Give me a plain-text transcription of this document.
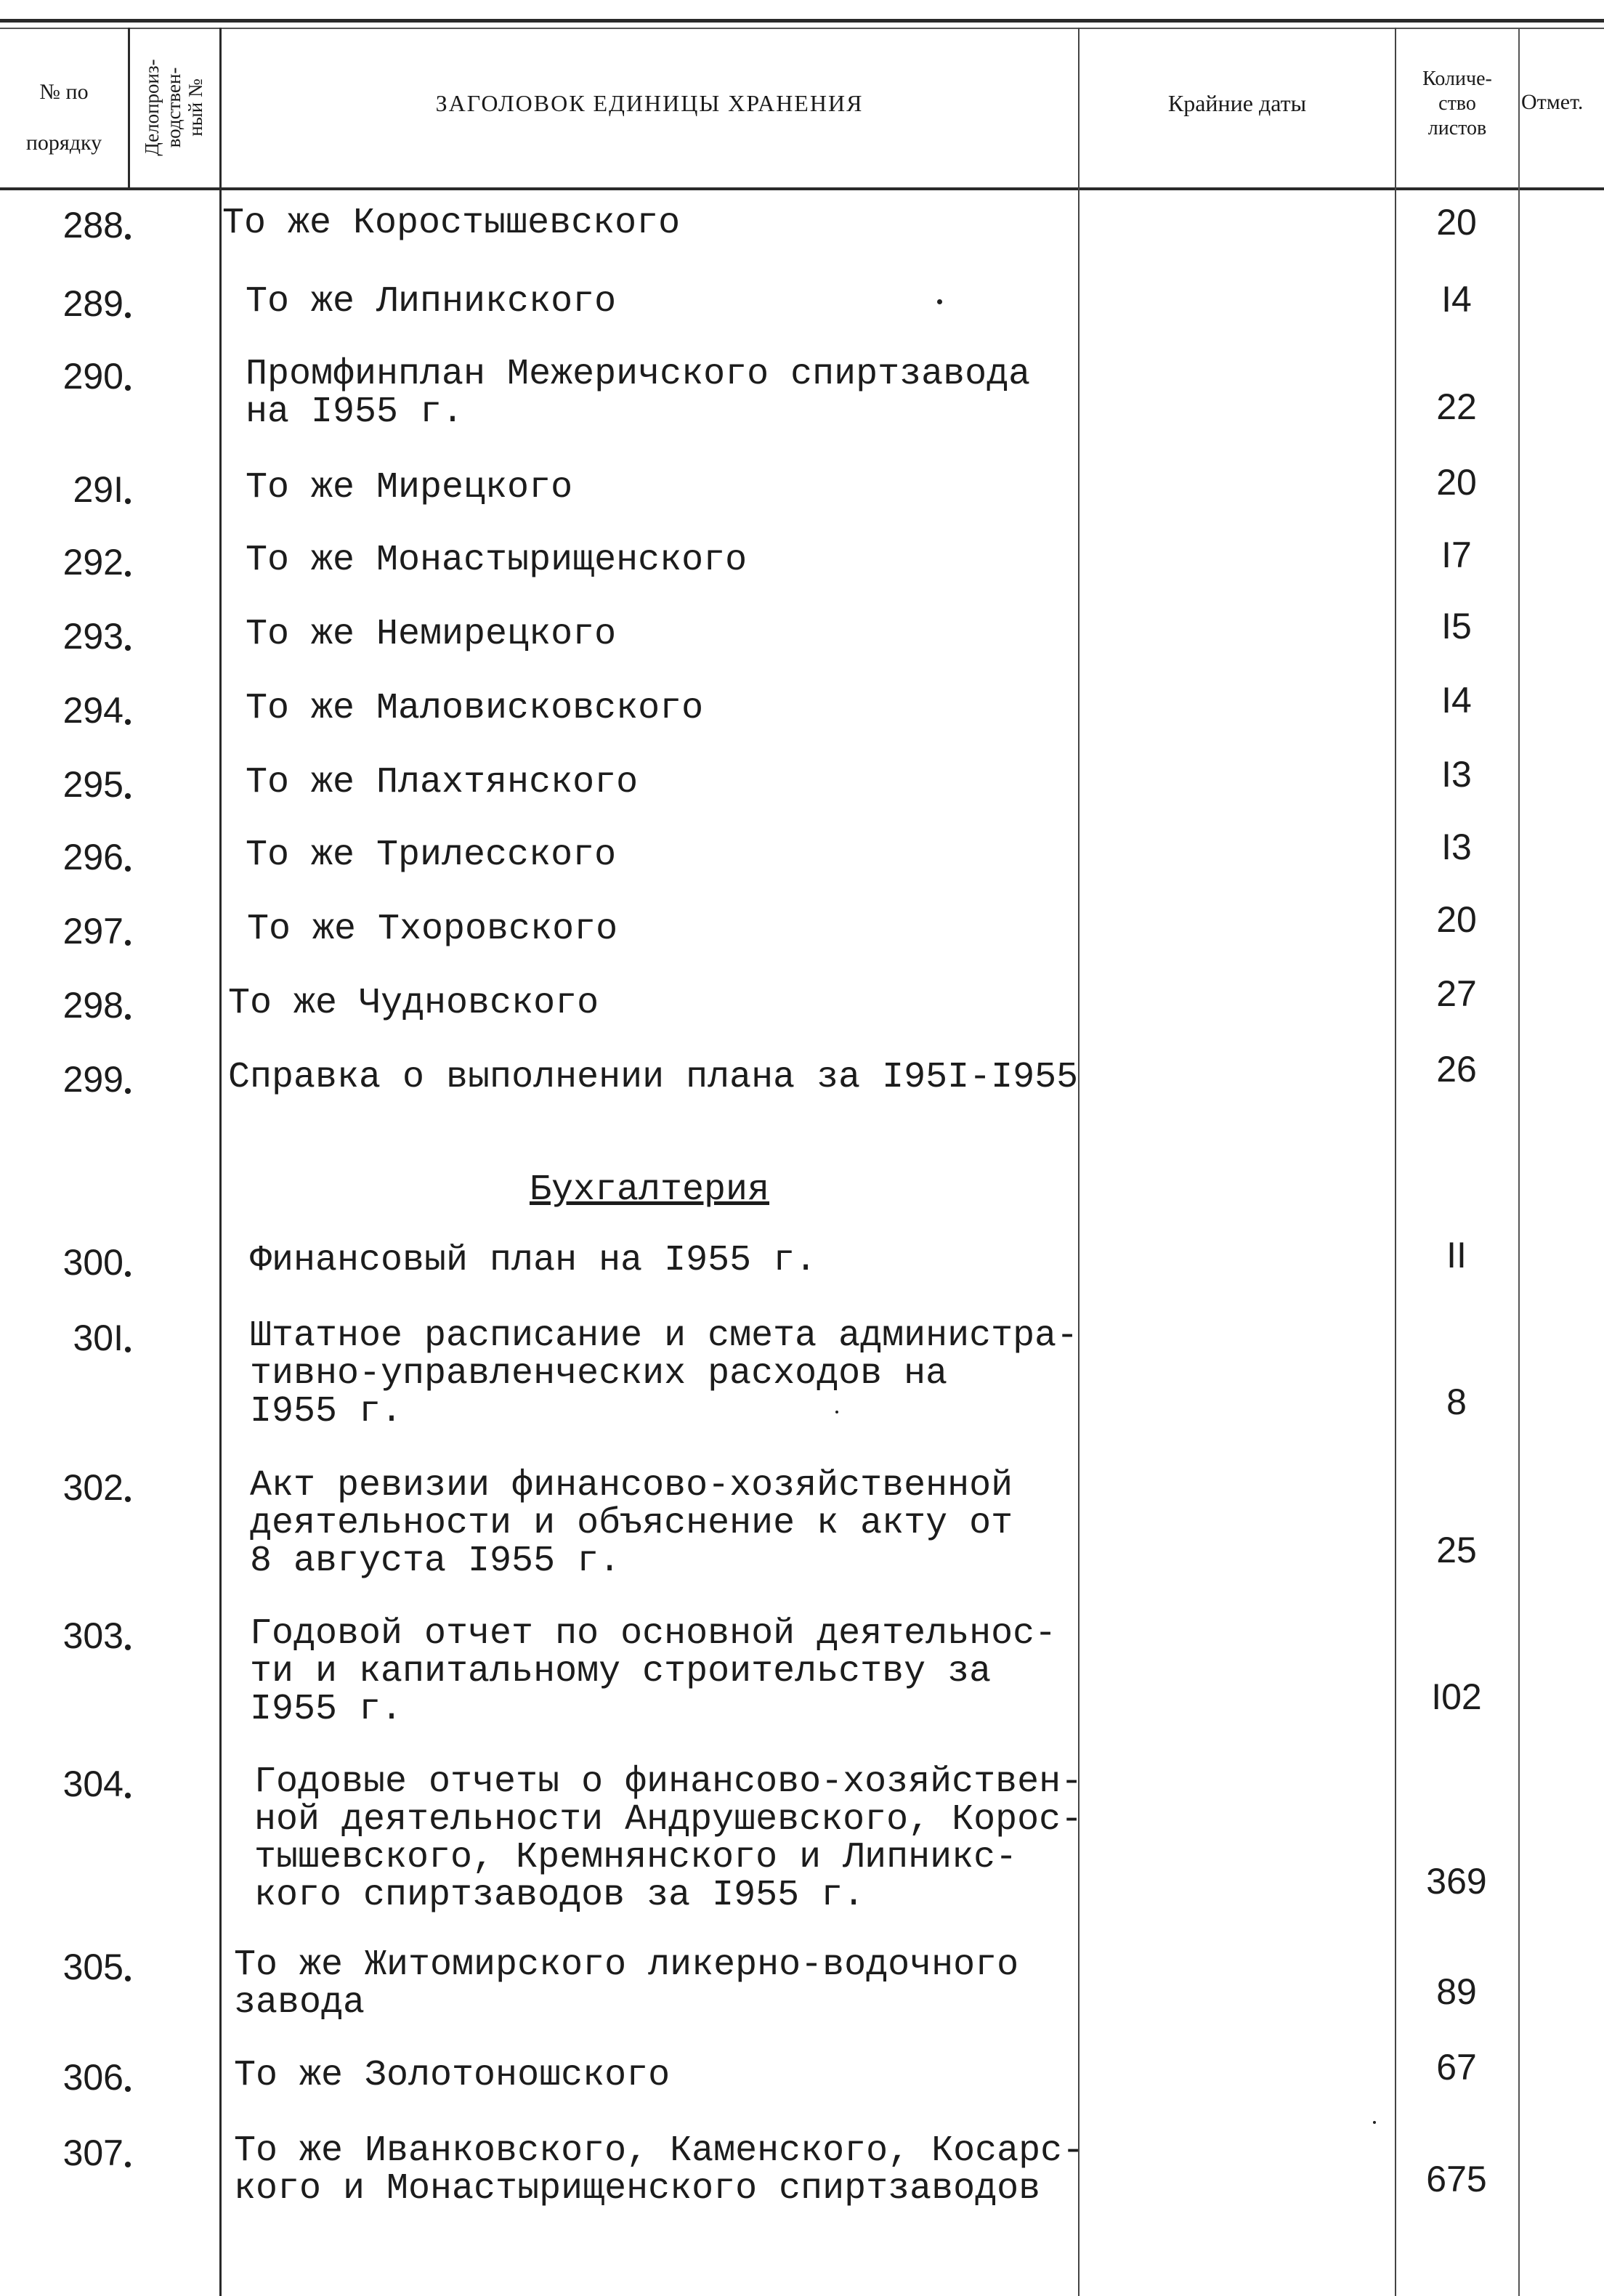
№ по порядку	Делопроиз-
водствен-
ный №
ЗАГОЛОВОК ЕДИНИЦЫ ХРАНЕНИЯ	Крайние даты
Количе-
ство
листов
Отмет.
288	То же Коростышевского	20
289	То же Липникского	I4
290	Промфинплан Межеричского спиртзавода
на I955 г.	22
29I	То же Мирецкого	20
292	То же Монастырищенского	I7
293	То же Немирецкого	I5
294	То же Маловисковского	I4
295	То же Плахтянского	I3
296	То же Трилесского	I3
297	То же Тхоровского	20
298	То же Чудновского	27
299	Справка о выполнении плана за I95I-I955	26
Бухгалтерия
300	Финансовый план на I955 г.	II
30I	Штатное расписание и смета администра-
тивно-управленческих расходов на
I955 г.	8
302	Акт ревизии финансово-хозяйственной
деятельности и объяснение к акту от
8 августа I955 г.	25
303	Годовой отчет по основной деятельнос-
ти и капитальному строительству за
I955 г.	I02
304	Годовые отчеты о финансово-хозяйствен-
ной деятельности Андрушевского, Корос-
тышевского, Кремнянского и Липникс-
кого спиртзаводов за I955 г.	369
305	То же Житомирского ликерно-водочного
завода	89
306	То же Золотоношского	67
307	То же Иванковского, Каменского, Косарс-
кого и Монастырищенского спиртзаводов	675
